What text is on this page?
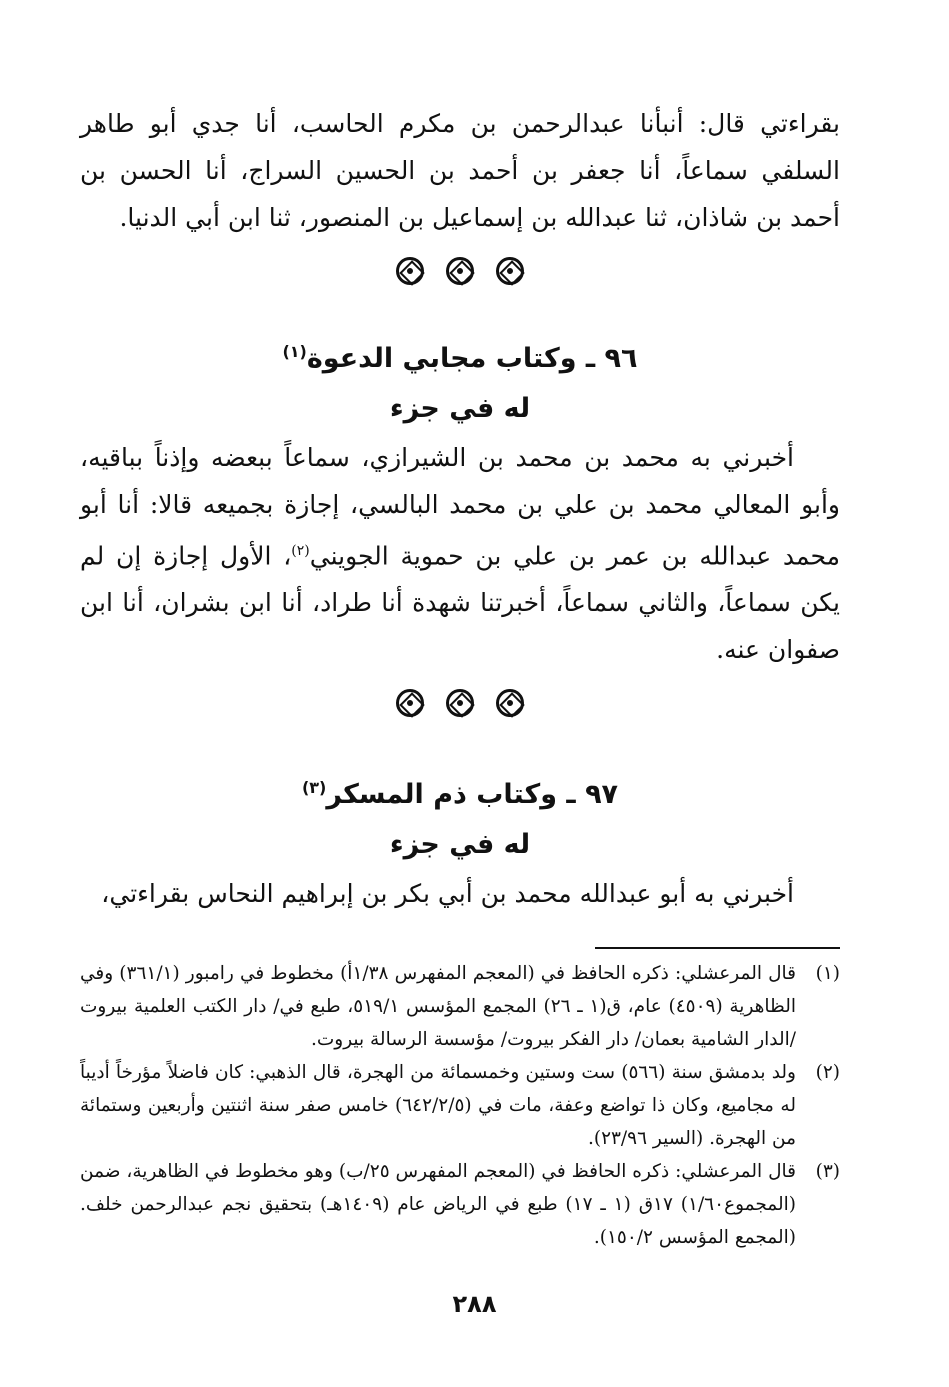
بقراءتي قال: أنبأنا عبدالرحمن بن مكرم الحاسب، أنا جدي أبو طاهر
السلفي سماعاً، أنا جعفر بن أحمد بن الحسين السراج، أنا الحسن بن
أحمد بن شاذان، ثنا عبدالله بن إسماعيل بن المنصور، ثنا ابن أبي الدنيا.

٩٦ ـ وكتاب مجابي الدعوة$^{(١)}$
له في جزء

أخبرني به محمد بن محمد بن الشيرازي، سماعاً ببعضه وإذناً بباقيه،
وأبو المعالي محمد بن علي بن محمد البالسي، إجازة بجميعه قالا: أنا أبو
محمد عبدالله بن عمر بن علي بن حموية الجويني$^{(٢)}$، الأول إجازة إن لم
يكن سماعاً، والثاني سماعاً، أخبرتنا شهدة أنا طراد، أنا ابن بشران، أنا ابن
صفوان عنه.

٩٧ ـ وكتاب ذم المسكر$^{(٣)}$
له في جزء

أخبرني به أبو عبدالله محمد بن أبي بكر بن إبراهيم النحاس بقراءتي،

(١)
قال المرعشلي: ذكره الحافظ في (المعجم المفهرس ١/٣٨أ) مخطوط في رامبور (٣٦١/١) وفي الظاهرية (٤٥٠٩) عام، ق(١ ـ ٢٦) المجمع المؤسس ٥١٩/١، طبع في/ دار الكتب العلمية بيروت /الدار الشامية بعمان/ دار الفكر بيروت/ مؤسسة الرسالة بيروت.
(٢)
ولد بدمشق سنة (٥٦٦) ست وستين وخمسمائة من الهجرة، قال الذهبي: كان فاضلاً مؤرخاً أديباً له مجاميع، وكان ذا تواضع وعفة، مات في (٦٤٢/٢/٥) خامس صفر سنة اثنتين وأربعين وستمائة من الهجرة. (السير ٢٣/٩٦).
(٣)
قال المرعشلي: ذكره الحافظ في (المعجم المفهرس ٢٥/ب) وهو مخطوط في الظاهرية، ضمن (المجموع١/٦٠) ١٧ق (١ ـ ١٧) طبع في الرياض عام (١٤٠٩هـ) بتحقيق نجم عبدالرحمن خلف. (المجمع المؤسس ١٥٠/٢).
٢٨٨
